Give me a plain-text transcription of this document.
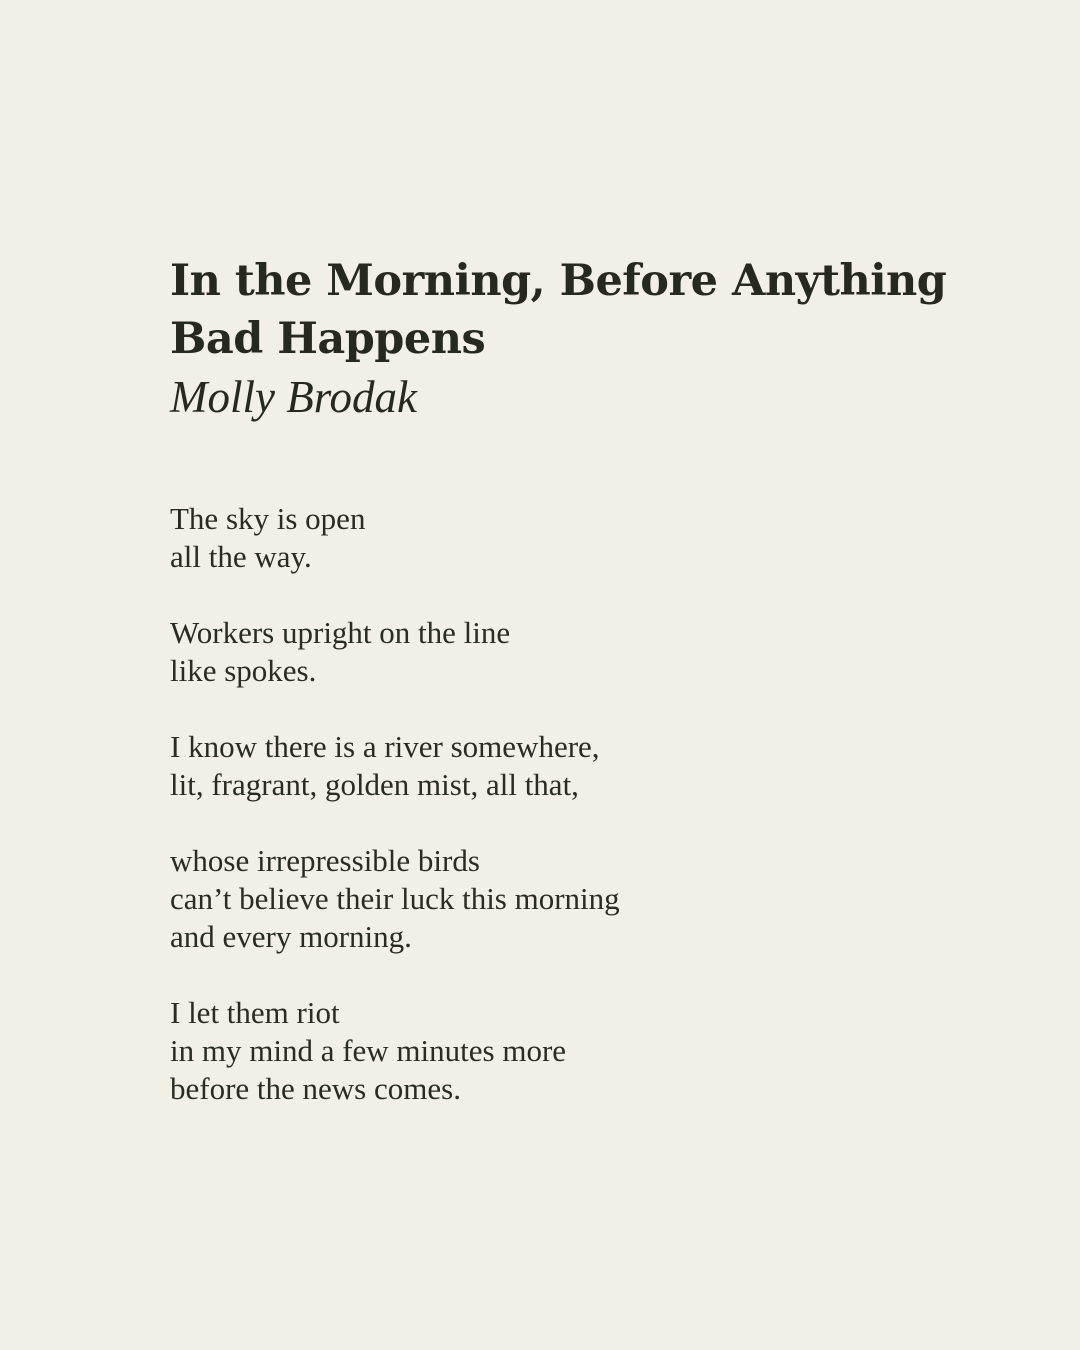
In the Morning, Before Anything
Bad Happens

Molly Brodak

The sky is open
all the way.

Workers upright on the line
like spokes.

I know there is a river somewhere,
lit, fragrant, golden mist, all that,

whose irrepressible birds
can’t believe their luck this morning
and every morning.

I let them riot
in my mind a few minutes more
before the news comes.
